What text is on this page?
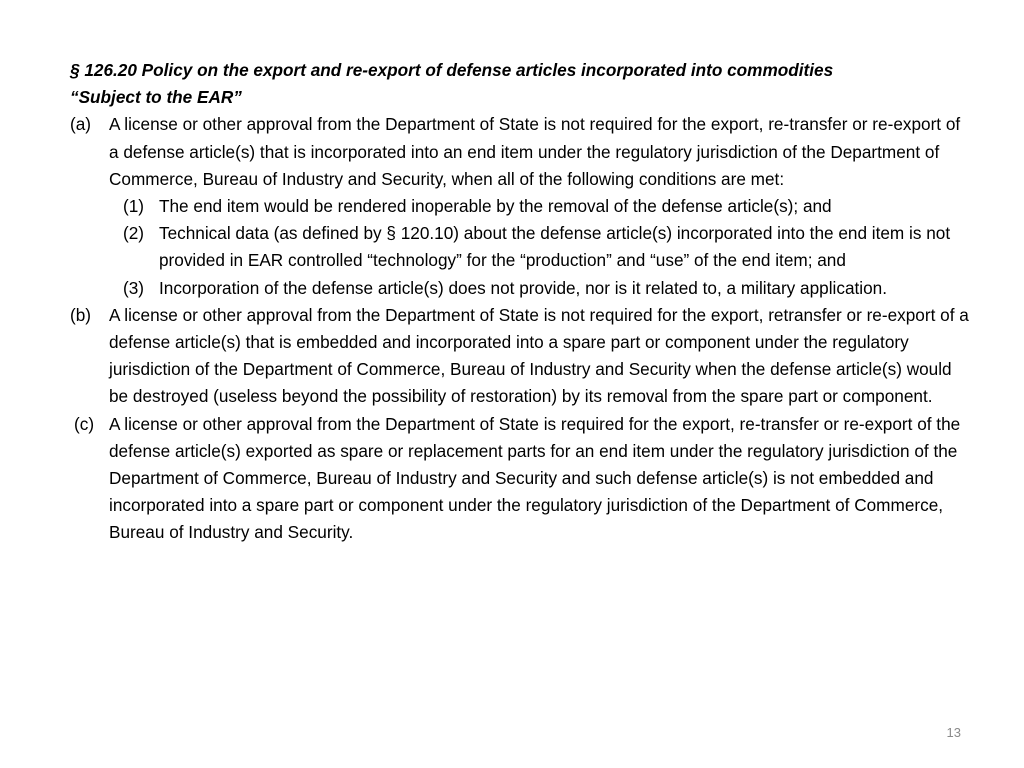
§ 126.20 Policy on the export and re-export of defense articles incorporated into commodities
“Subject to the EAR”

(a) A license or other approval from the Department of State is not required for the export, re-transfer or re-export of a defense article(s) that is incorporated into an end item under the regulatory jurisdiction of the Department of Commerce, Bureau of Industry and Security, when all of the following conditions are met:
(1) The end item would be rendered inoperable by the removal of the defense article(s); and
(2) Technical data (as defined by § 120.10) about the defense article(s) incorporated into the end item is not provided in EAR controlled “technology” for the “production” and “use” of the end item; and
(3) Incorporation of the defense article(s) does not provide, nor is it related to, a military application.
(b) A license or other approval from the Department of State is not required for the export, retransfer or re-export of a defense article(s) that is embedded and incorporated into a spare part or component under the regulatory jurisdiction of the Department of Commerce, Bureau of Industry and Security when the defense article(s) would be destroyed (useless beyond the possibility of restoration) by its removal from the spare part or component.
(c) A license or other approval from the Department of State is required for the export, re-transfer or re-export of the defense article(s) exported as spare or replacement parts for an end item under the regulatory jurisdiction of the Department of Commerce, Bureau of Industry and Security and such defense article(s) is not embedded and incorporated into a spare part or component under the regulatory jurisdiction of the Department of Commerce, Bureau of Industry and Security.
13
